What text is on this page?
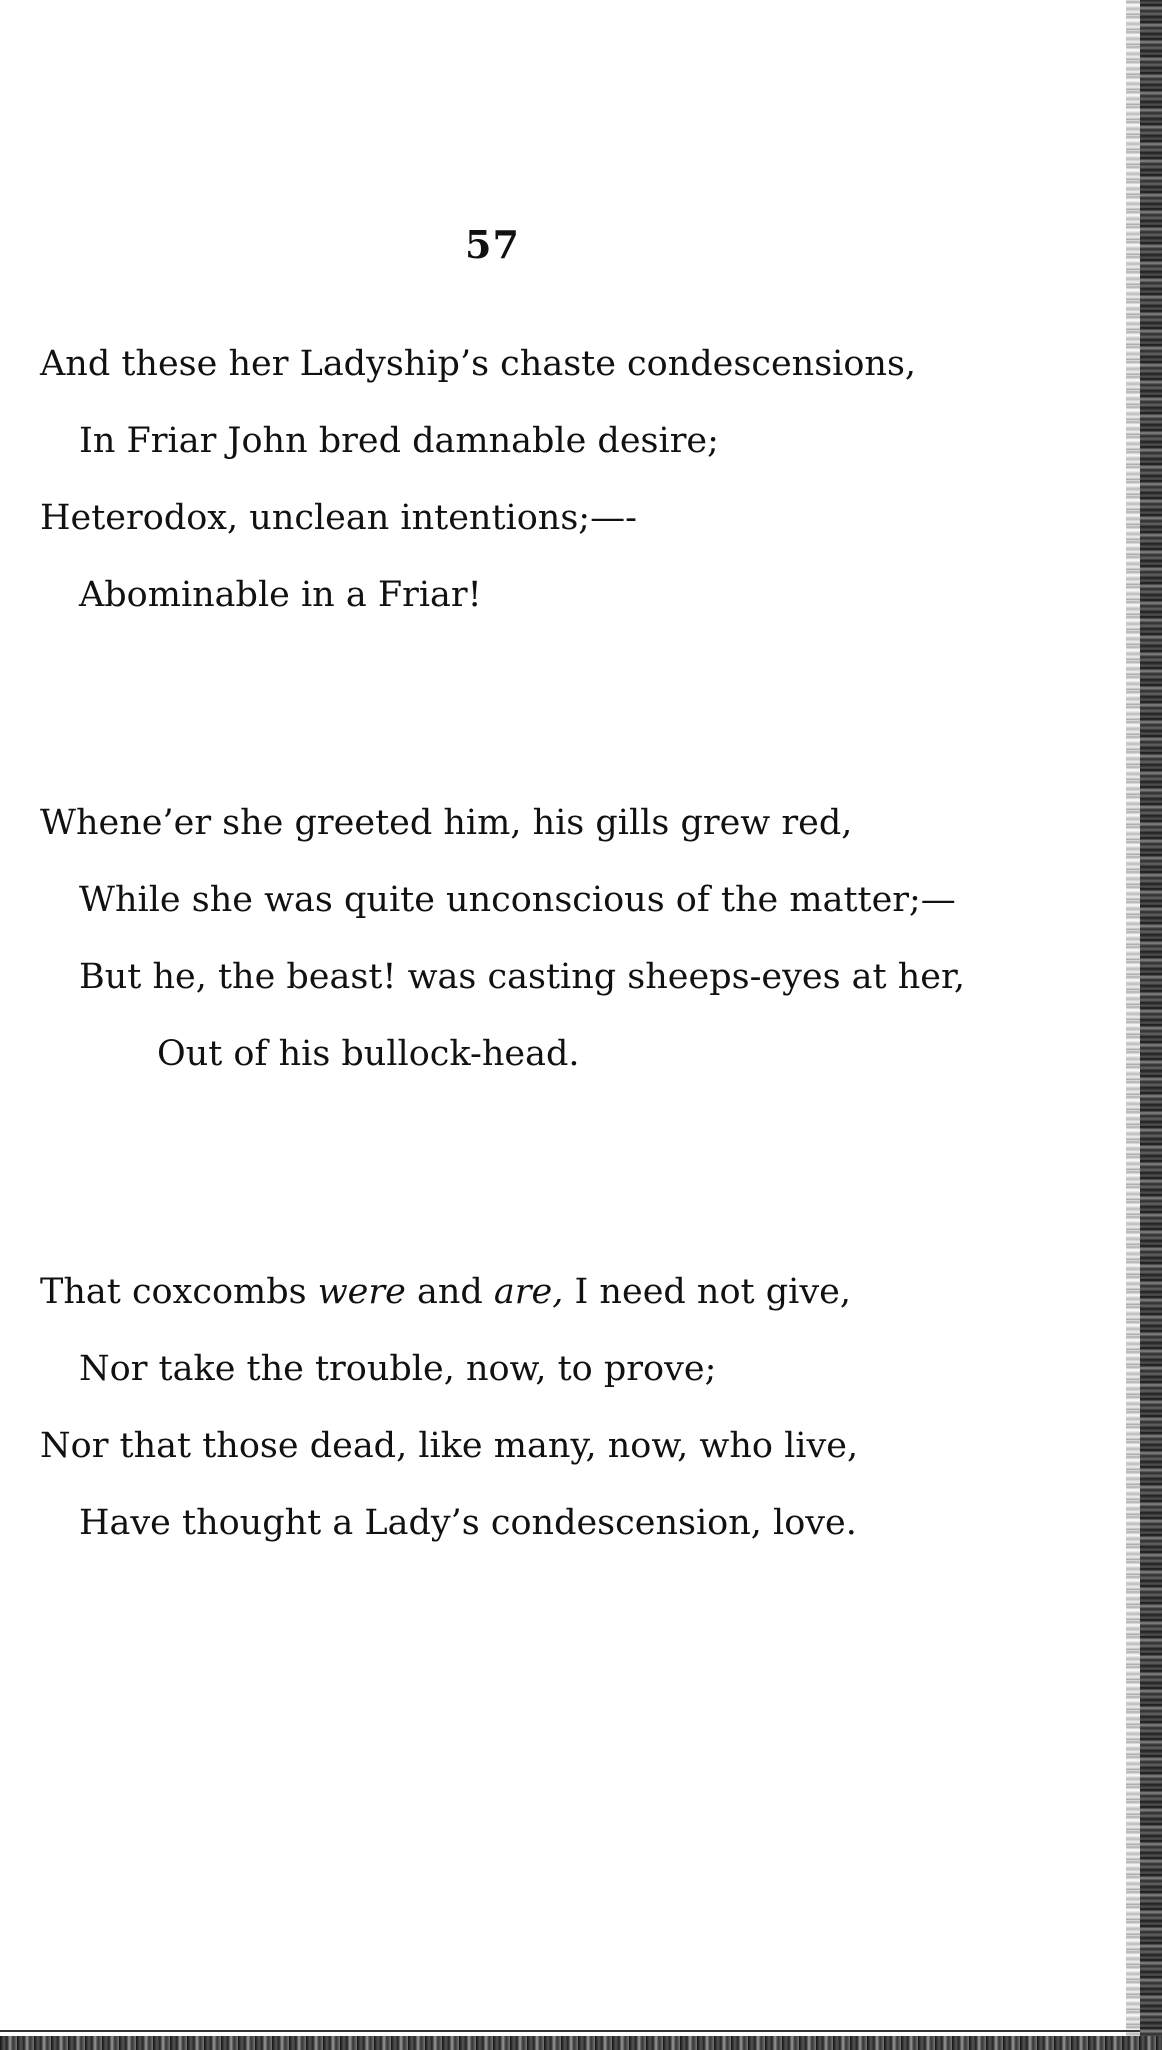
57
And these her Ladyship’s chaste condescensions,
In Friar John bred damnable desire;
Heterodox, unclean intentions;—-
Abominable in a Friar!
Whene’er she greeted him, his gills grew red,
While she was quite unconscious of the matter;—
But he, the beast! was casting sheeps-eyes at her,
Out of his bullock-head.
That coxcombs were and are, I need not give,
Nor take the trouble, now, to prove;
Nor that those dead, like many, now, who live,
Have thought a Lady’s condescension, love.
